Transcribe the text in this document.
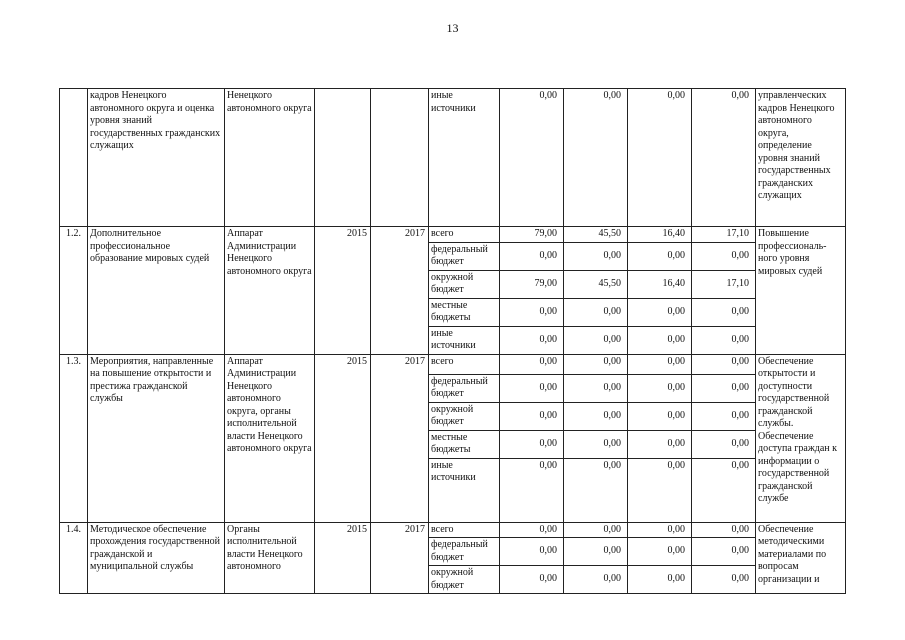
13
	кадров Ненецкого автономного округа и оценка уровня знаний государственных гражданских служащих	Ненецкого автономного округа			иные источники	0,00	0,00	0,00	0,00	управленческих кадров Ненецкого автономного округа, определение уровня знаний государственных гражданских служащих
1.2.	Дополнительное профессиональное образование мировых судей	Аппарат Администрации Ненецкого автономного округа	2015	2017	всего	79,00	45,50	16,40	17,10	Повышение профессиональ-ного уровня мировых судей
					федеральный бюджет	0,00	0,00	0,00	0,00	
					окружной бюджет	79,00	45,50	16,40	17,10	
					местные бюджеты	0,00	0,00	0,00	0,00	
					иные источники	0,00	0,00	0,00	0,00	
1.3.	Мероприятия, направленные на повышение открытости и престижа гражданской службы	Аппарат Администрации Ненецкого автономного округа, органы исполнительной власти Ненецкого автономного округа	2015	2017	всего	0,00	0,00	0,00	0,00	Обеспечение открытости и доступности государственной гражданской службы. Обеспечение доступа граждан к информации о государственной гражданской службе
					федеральный бюджет	0,00	0,00	0,00	0,00	
					окружной бюджет	0,00	0,00	0,00	0,00	
					местные бюджеты	0,00	0,00	0,00	0,00	
					иные источники	0,00	0,00	0,00	0,00	
1.4.	Методическое обеспечение прохождения государственной гражданской и муниципальной службы	Органы исполнительной власти Ненецкого автономного	2015	2017	всего	0,00	0,00	0,00	0,00	Обеспечение методическими материалами по вопросам организации и
					федеральный бюджет	0,00	0,00	0,00	0,00	
					окружной бюджет	0,00	0,00	0,00	0,00	
